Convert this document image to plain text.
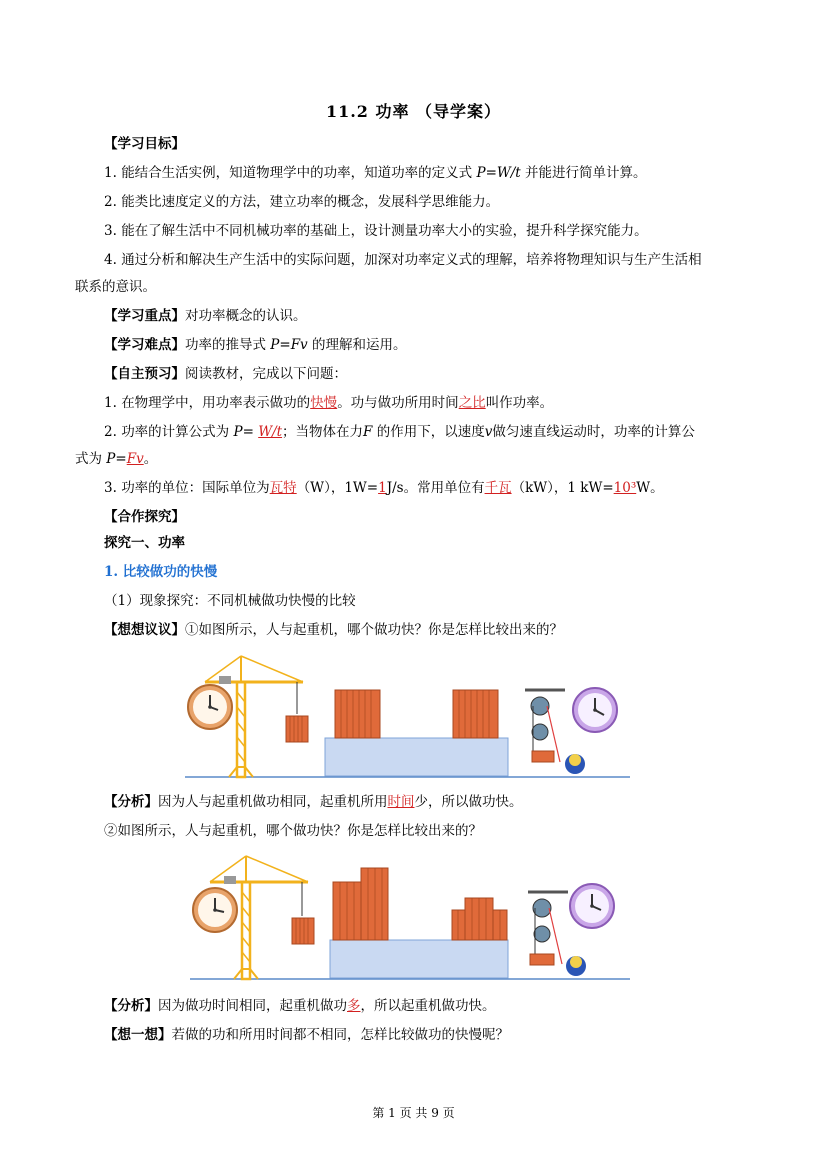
11.2 功率 （导学案）
【学习目标】
1. 能结合生活实例，知道物理学中的功率，知道功率的定义式 P=W/t 并能进行简单计算。
2. 能类比速度定义的方法，建立功率的概念，发展科学思维能力。
3. 能在了解生活中不同机械功率的基础上，设计测量功率大小的实验，提升科学探究能力。
4. 通过分析和解决生产生活中的实际问题，加深对功率定义式的理解，培养将物理知识与生产生活相
联系的意识。
【学习重点】对功率概念的认识。
【学习难点】功率的推导式 P=Fv 的理解和运用。
【自主预习】阅读教材，完成以下问题：
1. 在物理学中，用功率表示做功的快慢。功与做功所用时间之比叫作功率。
2. 功率的计算公式为 P= W/t；当物体在力F 的作用下，以速度v做匀速直线运动时，功率的计算公
式为 P=Fv。
3. 功率的单位：国际单位为瓦特（W），1W=1J/s。常用单位有千瓦（kW），1 kW=10³W。
【合作探究】
探究一、功率
1. 比较做功的快慢
（1）现象探究：不同机械做功快慢的比较
【想想议议】①如图所示，人与起重机，哪个做功快？你是怎样比较出来的？
【分析】因为人与起重机做功相同，起重机所用时间少，所以做功快。
②如图所示，人与起重机，哪个做功快？你是怎样比较出来的？
【分析】因为做功时间相同，起重机做功多，所以起重机做功快。
【想一想】若做的功和所用时间都不相同，怎样比较做功的快慢呢？
第 1 页 共 9 页
